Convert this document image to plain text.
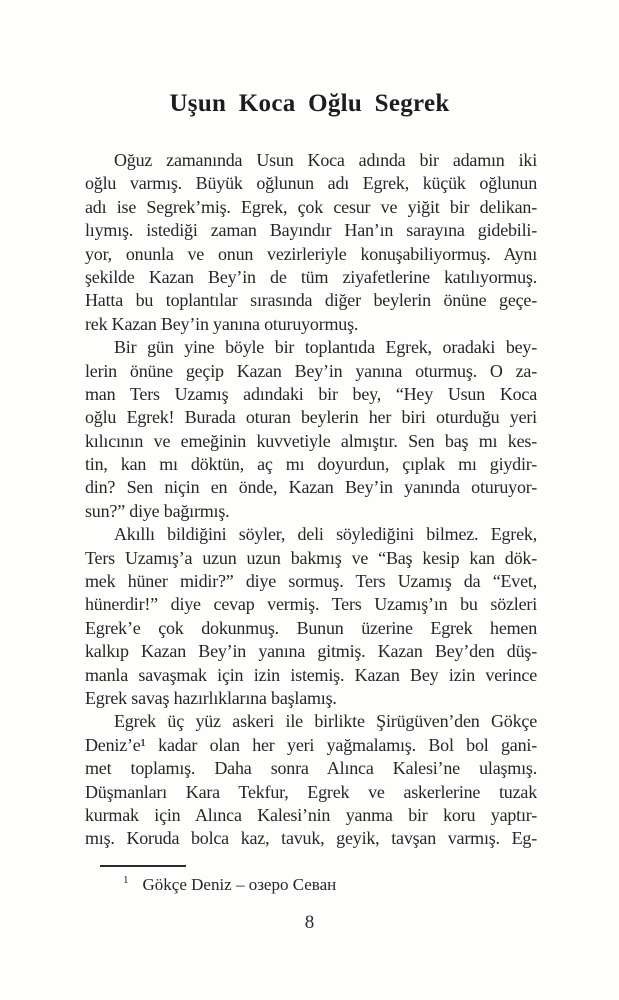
Uşun Koca Oğlu Segrek
Oğuz zamanında Usun Koca adında bir adamın iki
oğlu varmış. Büyük oğlunun adı Egrek, küçük oğlunun
adı ise Segrek’miş. Egrek, çok cesur ve yiğit bir delikan-
lıymış. istediği zaman Bayındır Han’ın sarayına gidebili-
yor, onunla ve onun vezirleriyle konuşabiliyormuş. Aynı
şekilde Kazan Bey’in de tüm ziyafetlerine katılıyormuş.
Hatta bu toplantılar sırasında diğer beylerin önüne geçe-
rek Kazan Bey’in yanına oturuyormuş.
Bir gün yine böyle bir toplantıda Egrek, oradaki bey-
lerin önüne geçip Kazan Bey’in yanına oturmuş. O za-
man Ters Uzamış adındaki bir bey, “Hey Usun Koca
oğlu Egrek! Burada oturan beylerin her biri oturduğu yeri
kılıcının ve emeğinin kuvvetiyle almıştır. Sen baş mı kes-
tin, kan mı döktün, aç mı doyurdun, çıplak mı giydir-
din? Sen niçin en önde, Kazan Bey’in yanında oturuyor-
sun?” diye bağırmış.
Akıllı bildiğini söyler, deli söylediğini bilmez. Egrek,
Ters Uzamış’a uzun uzun bakmış ve “Baş kesip kan dök-
mek hüner midir?” diye sormuş. Ters Uzamış da “Evet,
hünerdir!” diye cevap vermiş. Ters Uzamış’ın bu sözleri
Egrek’e çok dokunmuş. Bunun üzerine Egrek hemen
kalkıp Kazan Bey’in yanına gitmiş. Kazan Bey’den düş-
manla savaşmak için izin istemiş. Kazan Bey izin verince
Egrek savaş hazırlıklarına başlamış.
Egrek üç yüz askeri ile birlikte Şirügüven’den Gökçe
Deniz’e¹ kadar olan her yeri yağmalamış. Bol bol gani-
met toplamış. Daha sonra Alınca Kalesi’ne ulaşmış.
Düşmanları Kara Tekfur, Egrek ve askerlerine tuzak
kurmak için Alınca Kalesi’nin yanma bir koru yaptır-
mış. Koruda bolca kaz, tavuk, geyik, tavşan varmış. Eg-
$^1$ Gökçe Deniz – озеро Севан
8
